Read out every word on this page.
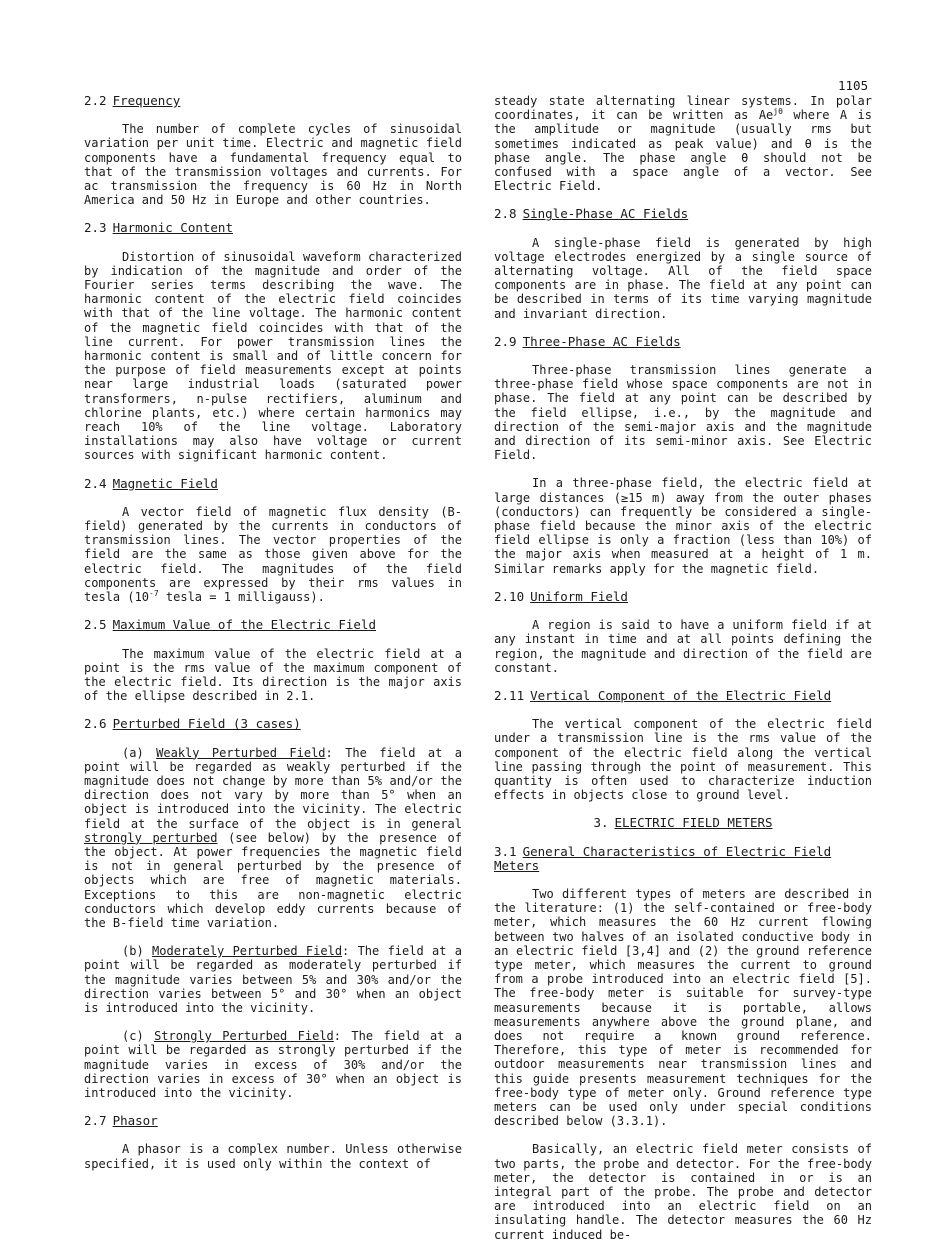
1105
2.2 Frequency

The number of complete cycles of sinusoidal variation per unit time. Electric and magnetic field components have a fundamental frequency equal to that of the transmission voltages and currents. For ac transmission the frequency is 60 Hz in North America and 50 Hz in Europe and other countries.

2.3 Harmonic Content

Distortion of sinusoidal waveform characterized by indication of the magnitude and order of the Fourier series terms describing the wave. The harmonic content of the electric field coincides with that of the line voltage. The harmonic content of the magnetic field coincides with that of the line current. For power transmission lines the harmonic content is small and of little concern for the purpose of field measurements except at points near large industrial loads (saturated power transformers, n-pulse rectifiers, aluminum and chlorine plants, etc.) where certain harmonics may reach 10% of the line voltage. Laboratory installations may also have voltage or current sources with significant harmonic content.

2.4 Magnetic Field

A vector field of magnetic flux density (B-field) generated by the currents in conductors of transmission lines. The vector properties of the field are the same as those given above for the electric field. The magnitudes of the field components are expressed by their rms values in tesla ($10^{-7}$ tesla = 1 milligauss).

2.5 Maximum Value of the Electric Field

The maximum value of the electric field at a point is the rms value of the maximum component of the electric field. Its direction is the major axis of the ellipse described in 2.1.

2.6 Perturbed Field (3 cases)

(a) Weakly Perturbed Field: The field at a point will be regarded as weakly perturbed if the magnitude does not change by more than 5% and/or the direction does not vary by more than 5° when an object is introduced into the vicinity. The electric field at the surface of the object is in general strongly perturbed (see below) by the presence of the object. At power frequencies the magnetic field is not in general perturbed by the presence of objects which are free of magnetic materials. Exceptions to this are non-magnetic electric conductors which develop eddy currents because of the B-field time variation.

(b) Moderately Perturbed Field: The field at a point will be regarded as moderately perturbed if the magnitude varies between 5% and 30% and/or the direction varies between 5° and 30° when an object is introduced into the vicinity.

(c) Strongly Perturbed Field: The field at a point will be regarded as strongly perturbed if the magnitude varies in excess of 30% and/or the direction varies in excess of 30° when an object is introduced into the vicinity.

2.7 Phasor

A phasor is a complex number. Unless otherwise specified, it is used only within the context of

steady state alternating linear systems. In polar coordinates, it can be written as $Ae^{j\theta}$ where A is the amplitude or magnitude (usually rms but sometimes indicated as peak value) and θ is the phase angle. The phase angle θ should not be confused with a space angle of a vector. See Electric Field.

2.8 Single-Phase AC Fields

A single-phase field is generated by high voltage electrodes energized by a single source of alternating voltage. All of the field space components are in phase. The field at any point can be described in terms of its time varying magnitude and invariant direction.

2.9 Three-Phase AC Fields

Three-phase transmission lines generate a three-phase field whose space components are not in phase. The field at any point can be described by the field ellipse, i.e., by the magnitude and direction of the semi-major axis and the magnitude and direction of its semi-minor axis. See Electric Field.

In a three-phase field, the electric field at large distances (≥15 m) away from the outer phases (conductors) can frequently be considered a single-phase field because the minor axis of the electric field ellipse is only a fraction (less than 10%) of the major axis when measured at a height of 1 m. Similar remarks apply for the magnetic field.

2.10 Uniform Field

A region is said to have a uniform field if at any instant in time and at all points defining the region, the magnitude and direction of the field are constant.

2.11 Vertical Component of the Electric Field

The vertical component of the electric field under a transmission line is the rms value of the component of the electric field along the vertical line passing through the point of measurement. This quantity is often used to characterize induction effects in objects close to ground level.

3. ELECTRIC FIELD METERS
3.1 General Characteristics of Electric Field Meters

Two different types of meters are described in the literature: (1) the self-contained or free-body meter, which measures the 60 Hz current flowing between two halves of an isolated conductive body in an electric field [3,4] and (2) the ground reference type meter, which measures the current to ground from a probe introduced into an electric field [5]. The free-body meter is suitable for survey-type measurements because it is portable, allows measurements anywhere above the ground plane, and does not require a known ground reference. Therefore, this type of meter is recommended for outdoor measurements near transmission lines and this guide presents measurement techniques for the free-body type of meter only. Ground reference type meters can be used only under special conditions described below (3.3.1).

Basically, an electric field meter consists of two parts, the probe and detector. For the free-body meter, the detector is contained in or is an integral part of the probe. The probe and detector are introduced into an electric field on an insulating handle. The detector measures the 60 Hz current induced be-
